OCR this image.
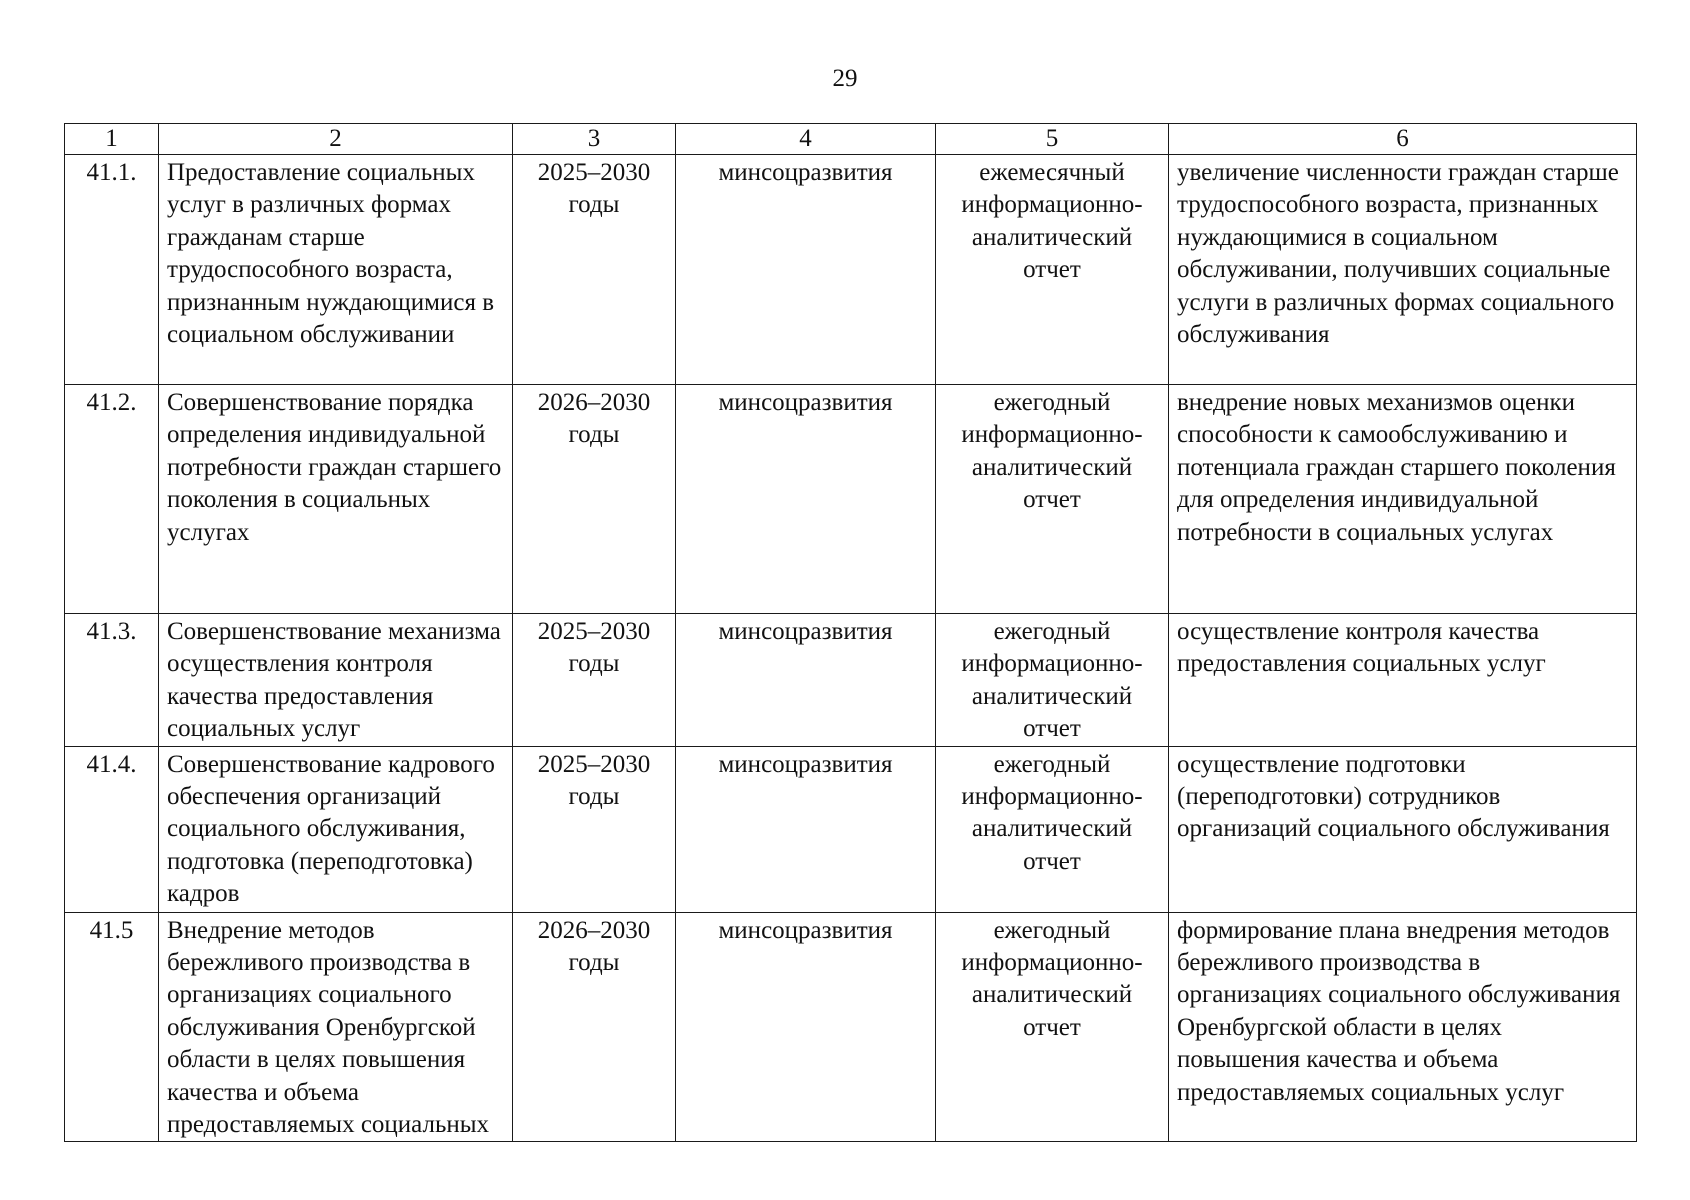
29
1	2	3	4	5	6
41.1.	Предоставление социальных услуг в различных формах гражданам старше трудоспособного возраста, признанным нуждающимися в социальном обслуживании	2025–2030 годы	минсоцразвития	ежемесячный информационно-аналитический отчет	увеличение численности граждан старше трудоспособного возраста, признанных нуждающимися в социальном обслуживании, получивших социальные услуги в различных формах социального обслуживания
41.2.	Совершенствование порядка определения индивидуальной потребности граждан старшего поколения в социальных услугах	2026–2030 годы	минсоцразвития	ежегодный информационно-аналитический отчет	внедрение новых механизмов оценки способности к самообслуживанию и потенциала граждан старшего поколения для определения индивидуальной потребности в социальных услугах
41.3.	Совершенствование механизма осуществления контроля качества предоставления социальных услуг	2025–2030 годы	минсоцразвития	ежегодный информационно-аналитический отчет	осуществление контроля качества предоставления социальных услуг
41.4.	Совершенствование кадрового обеспечения организаций социального обслуживания, подготовка (переподготовка) кадров	2025–2030 годы	минсоцразвития	ежегодный информационно-аналитический отчет	осуществление подготовки (переподготовки) сотрудников организаций социального обслуживания
41.5	Внедрение методов бережливого производства в организациях социального обслуживания Оренбургской области в целях повышения качества и объема предоставляемых социальных	2026–2030 годы	минсоцразвития	ежегодный информационно-аналитический отчет	формирование плана внедрения методов бережливого производства в организациях социального обслуживания Оренбургской области в целях повышения качества и объема предоставляемых социальных услуг
